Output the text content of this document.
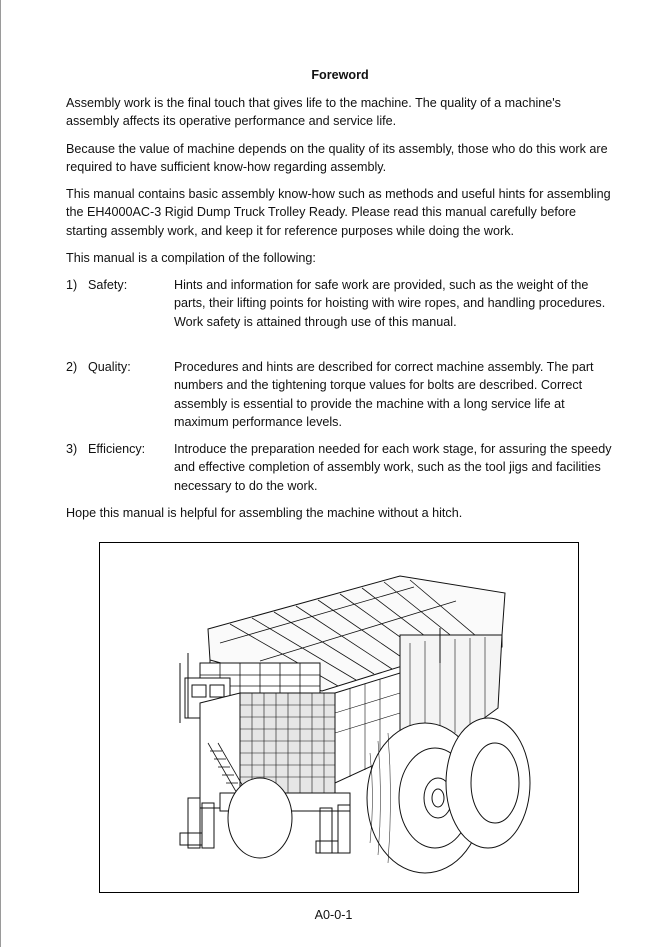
Foreword

Assembly work is the final touch that gives life to the machine. The quality of a machine's assembly affects its operative performance and service life.

Because the value of machine depends on the quality of its assembly, those who do this work are required to have sufficient know-how regarding assembly.

This manual contains basic assembly know-how such as methods and useful hints for assembling the EH4000AC-3 Rigid Dump Truck Trolley Ready. Please read this manual carefully before starting assembly work, and keep it for reference purposes while doing the work.

This manual is a compilation of the following:

1) Safety:	Hints and information for safe work are provided, such as the weight of the parts, their lifting points for hoisting with wire ropes, and handling procedures.

Work safety is attained through use of this manual.

2) Quality:	Procedures and hints are described for correct machine assembly. The part numbers and the tightening torque values for bolts are described. Correct assembly is essential to provide the machine with a long service life at maximum performance levels.

3) Efficiency: Introduce the preparation needed for each work stage, for assuring the speedy and effective completion of assembly work, such as the tool jigs and facilities necessary to do the work.

Hope this manual is helpful for assembling the machine without a hitch.

A0-0-1
